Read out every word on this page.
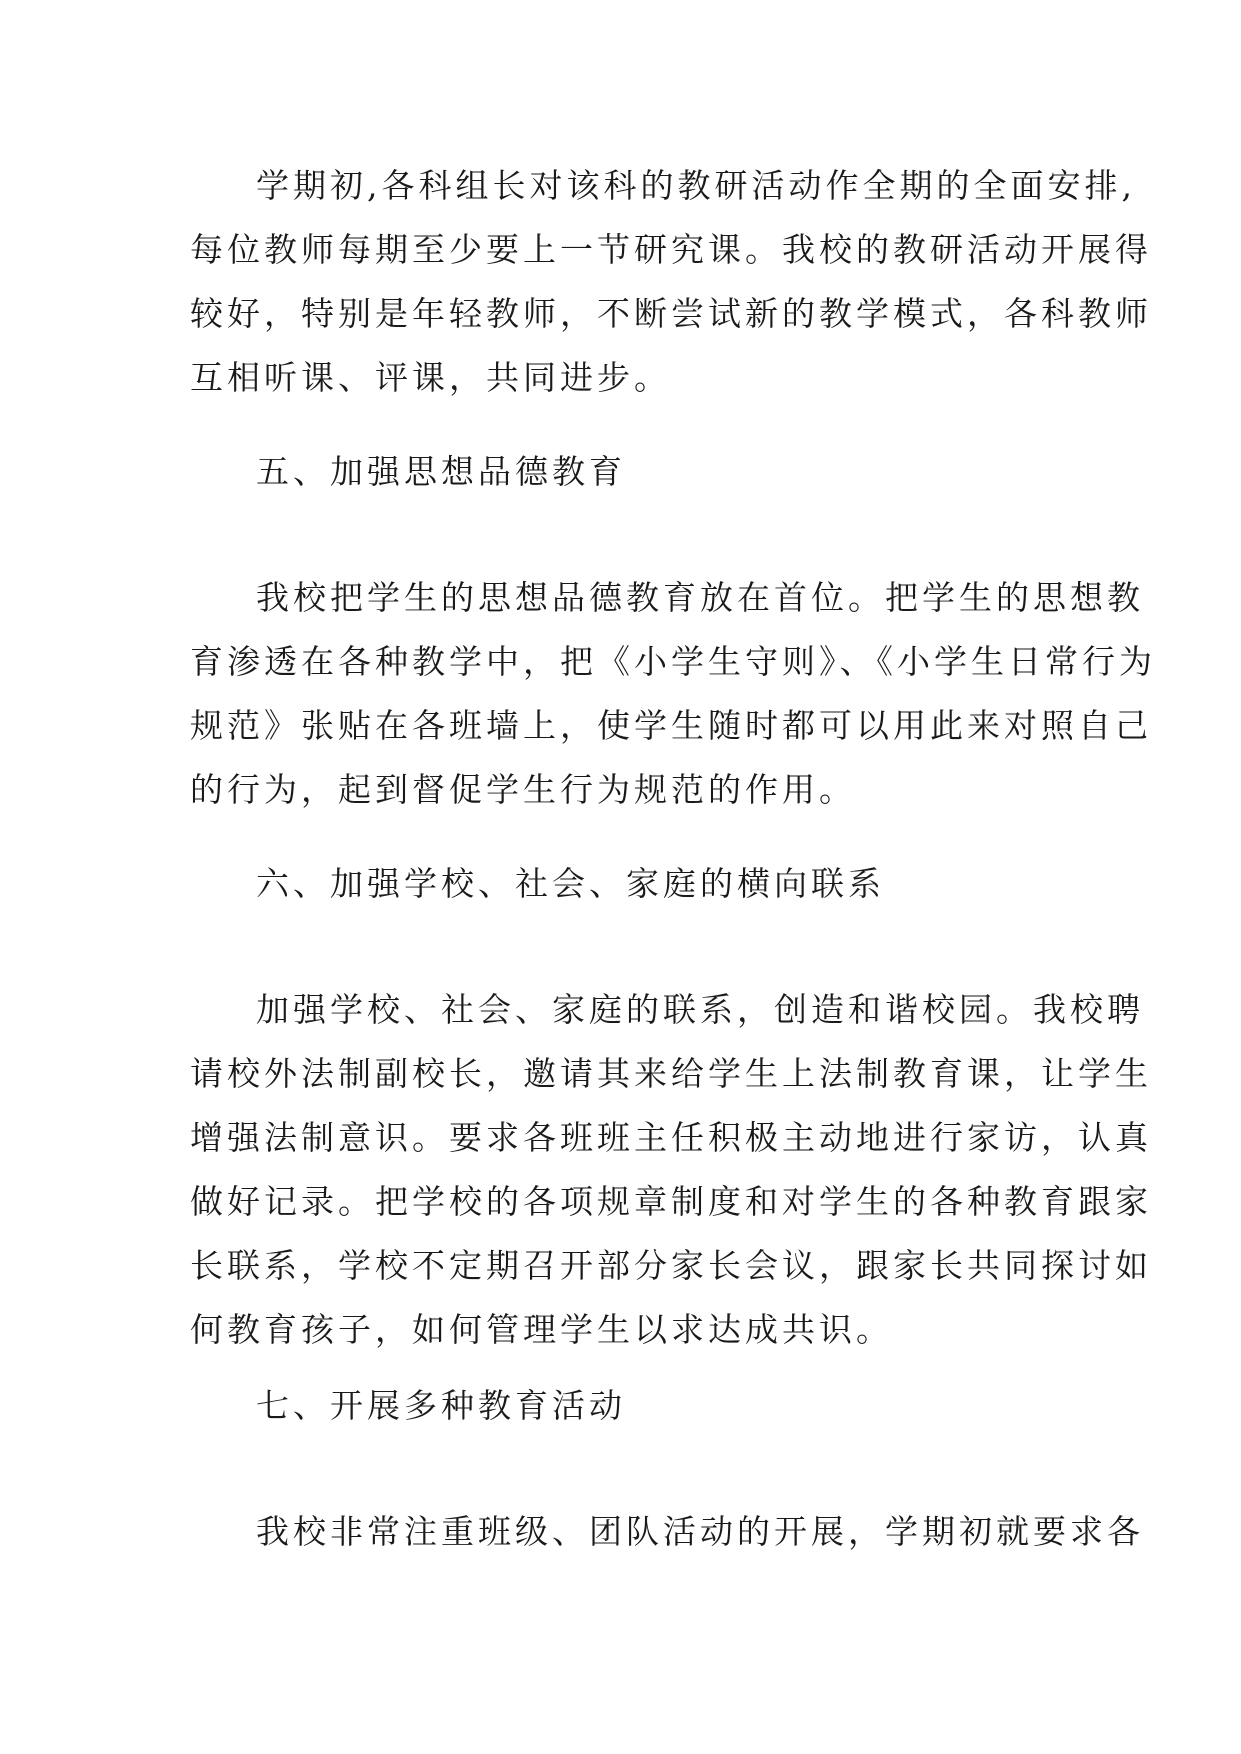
学期初,各科组长对该科的教研活动作全期的全面安排,
每位教师每期至少要上一节研究课。我校的教研活动开展得
较好，特别是年轻教师，不断尝试新的教学模式，各科教师
互相听课、评课，共同进步。
五、加强思想品德教育
我校把学生的思想品德教育放在首位。把学生的思想教
育渗透在各种教学中，把《小学生守则》、《小学生日常行为
规范》张贴在各班墙上，使学生随时都可以用此来对照自己
的行为，起到督促学生行为规范的作用。
六、加强学校、社会、家庭的横向联系
加强学校、社会、家庭的联系，创造和谐校园。我校聘
请校外法制副校长，邀请其来给学生上法制教育课，让学生
增强法制意识。要求各班班主任积极主动地进行家访，认真
做好记录。把学校的各项规章制度和对学生的各种教育跟家
长联系，学校不定期召开部分家长会议，跟家长共同探讨如
何教育孩子，如何管理学生以求达成共识。
七、开展多种教育活动
我校非常注重班级、团队活动的开展，学期初就要求各
